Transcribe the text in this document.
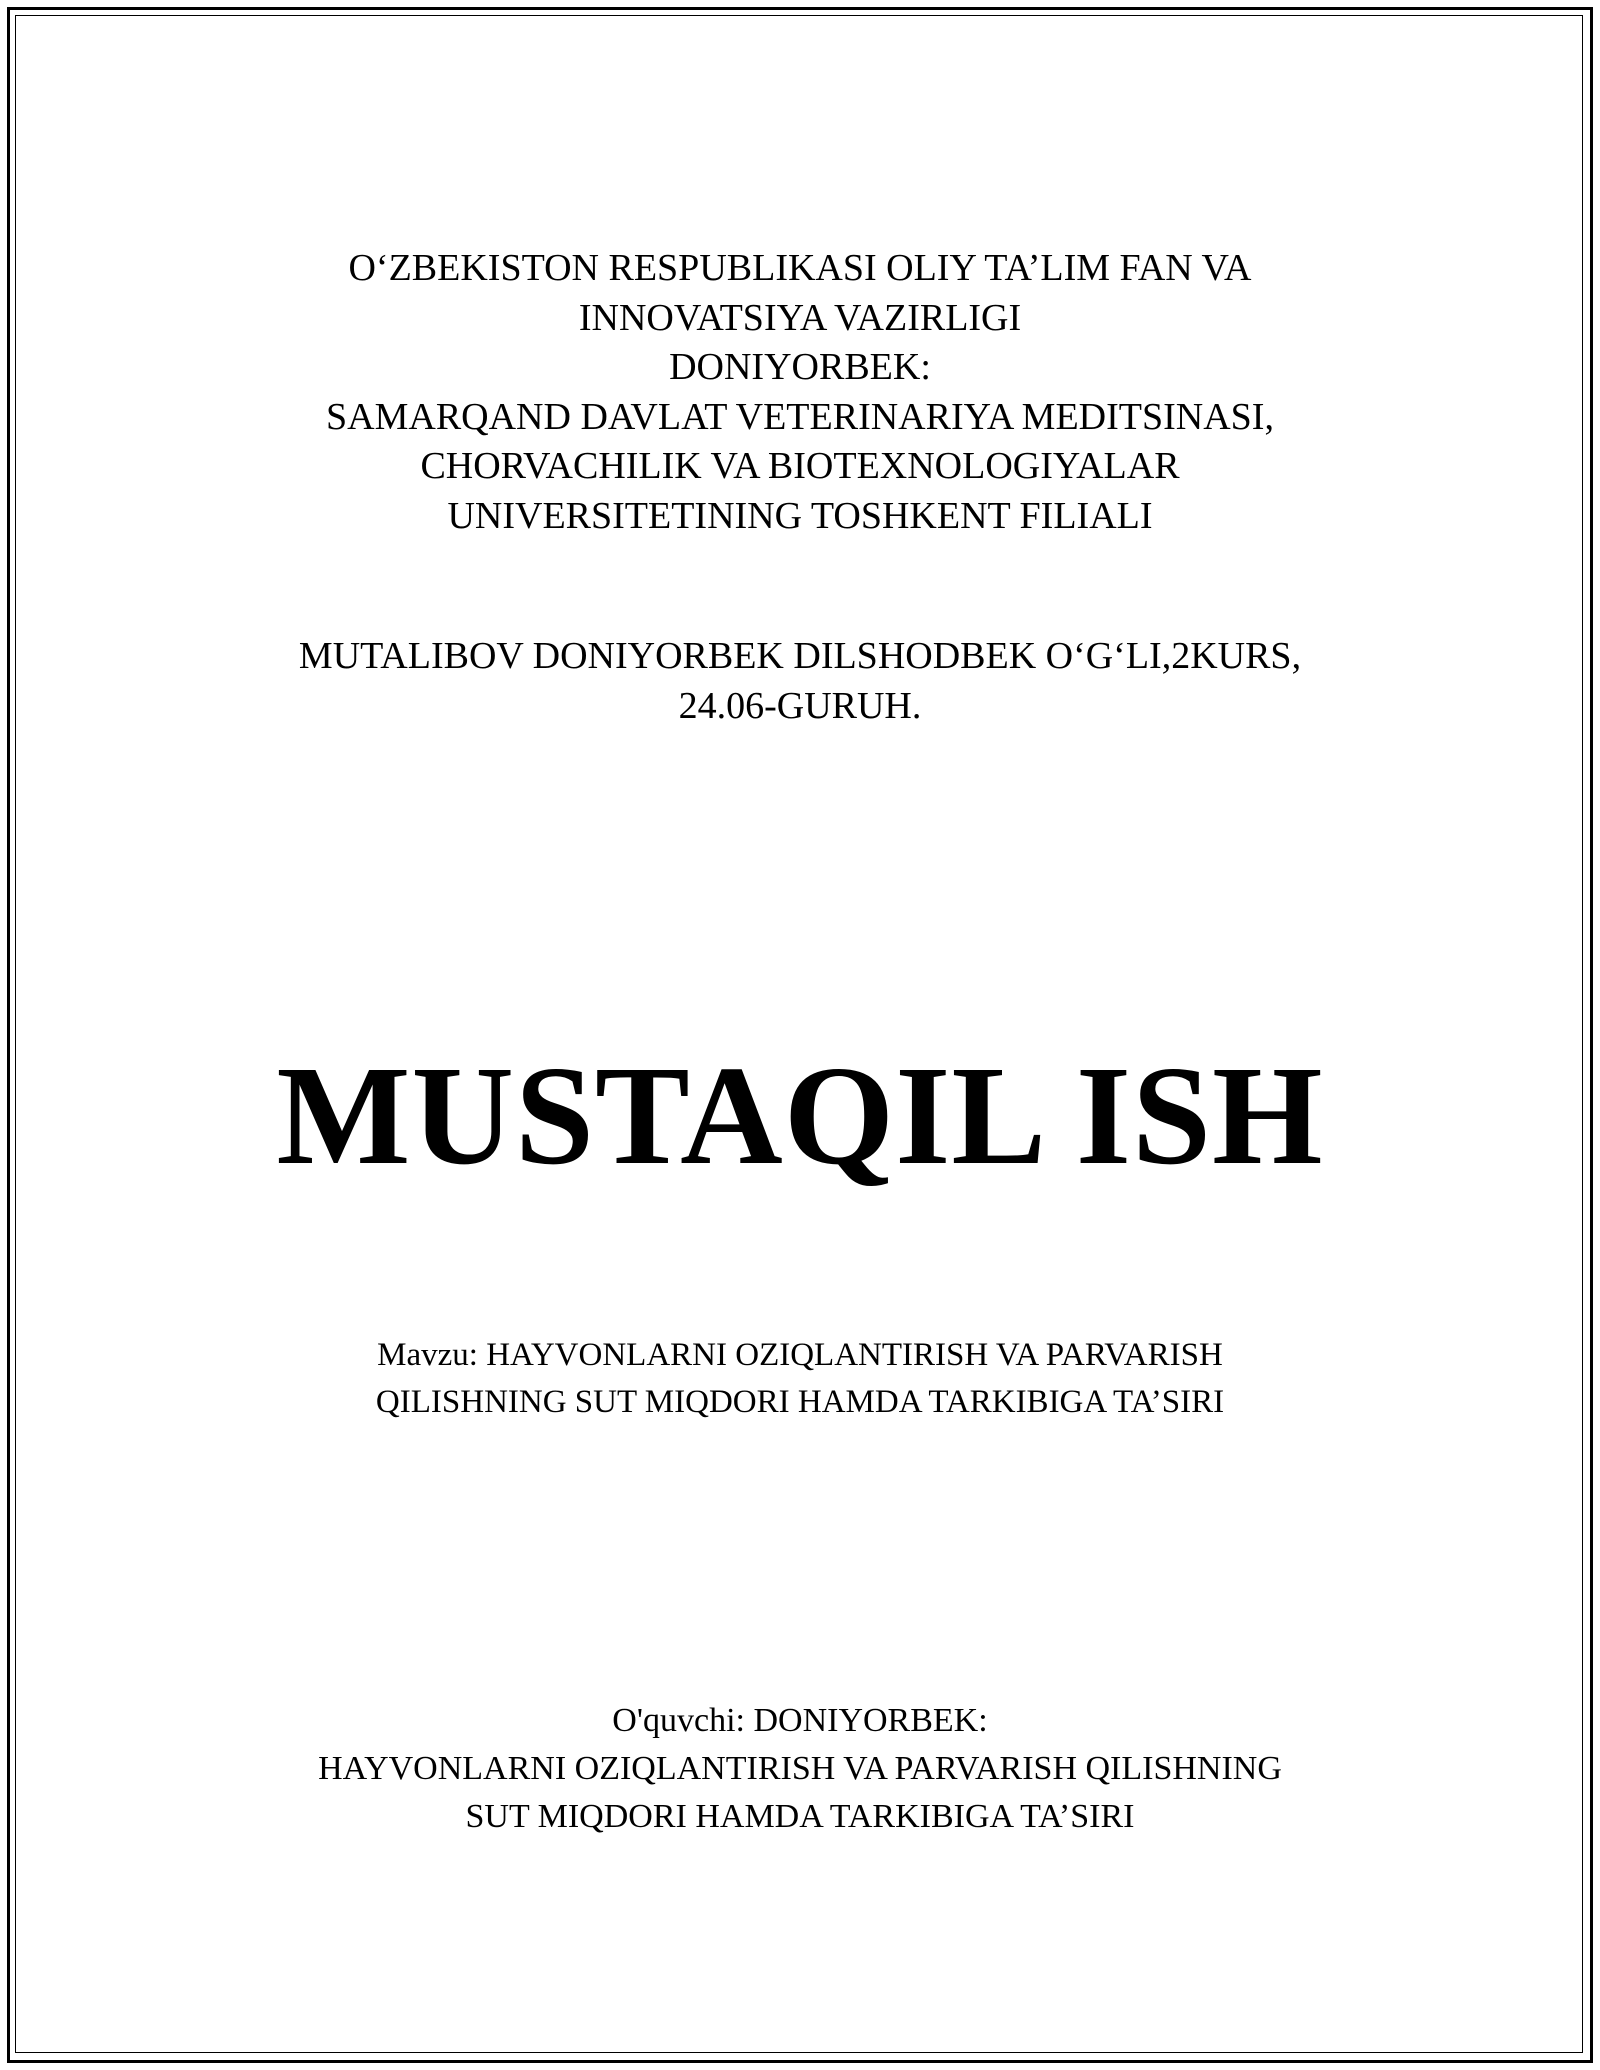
O‘ZBEKISTON RESPUBLIKASI OLIY TA’LIM FAN VA
INNOVATSIYA VAZIRLIGI
DONIYORBEK:
SAMARQAND DAVLAT VETERINARIYA MEDITSINASI,
CHORVACHILIK VA BIOTEXNOLOGIYALAR
UNIVERSITETINING TOSHKENT FILIALI
MUTALIBOV DONIYORBEK DILSHODBEK O‘G‘LI,2KURS,
24.06-GURUH.
MUSTAQIL ISH
Mavzu: HAYVONLARNI OZIQLANTIRISH VA PARVARISH
QILISHNING SUT MIQDORI HAMDA TARKIBIGA TA’SIRI
O'quvchi: DONIYORBEK:
HAYVONLARNI OZIQLANTIRISH VA PARVARISH QILISHNING
SUT MIQDORI HAMDA TARKIBIGA TA’SIRI
